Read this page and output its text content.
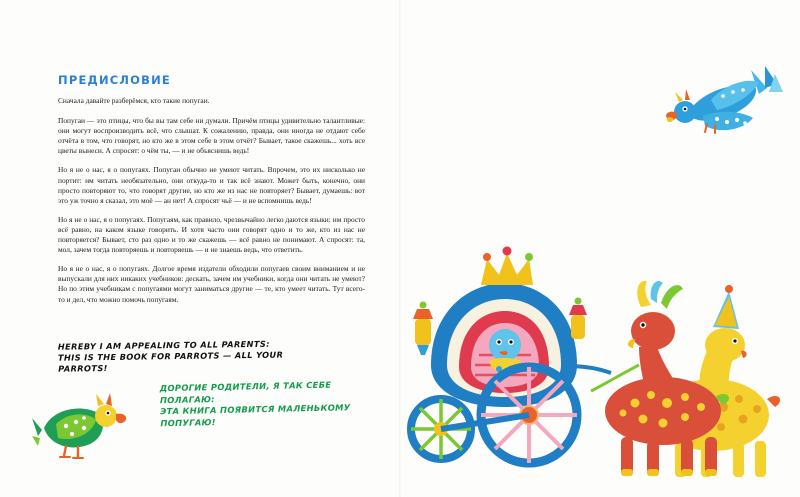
ПРЕДИСЛОВИЕ

Сначала давайте разберёмся, кто такие попугаи.

Попугаи — это птицы, что бы вы там себе ни думали. Причём птицы удивительно талантливые: они могут воспроизводить всё, что слышат. К сожалению, правда, они иногда не отдают себе отчёта в том, что говорят, но кто же в этом себе в этом отчёт? Бывает, такое скажешь... хоть все цветы вынеси. А спросят: о чём ты, — и не объяснишь ведь!

Но я не о нас, я о попугаях. Попугаи обычно не умеют читать. Впрочем, это их нисколько не портит: им читать необязательно, они откуда-то и так всё знают. Может быть, конечно, они просто повторяют то, что говорят другие, но кто же из нас не повторяет? Бывает, думаешь: вот это уж точно я сказал, это моё — ан нет! А спросят чьё — и не вспомнишь ведь!

Но я не о нас, я о попугаях. Попугаям, как правило, чрезвычайно легко даются языки: им просто всё равно, на каком языке говорить. И хотя часто они говорят одно и то же, кто из нас не повторяется? Бывает, сто раз одно и то же скажешь — всё равно не понимают. А спросят: та, мол, зачем тогда повторяешь и повторяешь — и не знаешь ведь, что ответить.

Но я не о нас, я о попугаях. Долгое время издатели обходили попугаев своим вниманием и не выпускали для них никаких учебников: дескать, зачем им учебники, когда они читать не умеют? Но по этим учебникам с попугаями могут заниматься другие — те, кто умеет читать. Тут всего-то и дел, что можно помочь попугаям.

HEREBY I AM APPEALING TO ALL PARENTS:
THIS IS THE BOOK FOR PARROTS — ALL YOUR PARROTS!
ДОРОГИЕ РОДИТЕЛИ, Я ТАК СЕБЕ ПОЛАГАЮ:
ЭТА КНИГА ПОЯВИТСЯ МАЛЕНЬКОМУ ПОПУГАЮ!
